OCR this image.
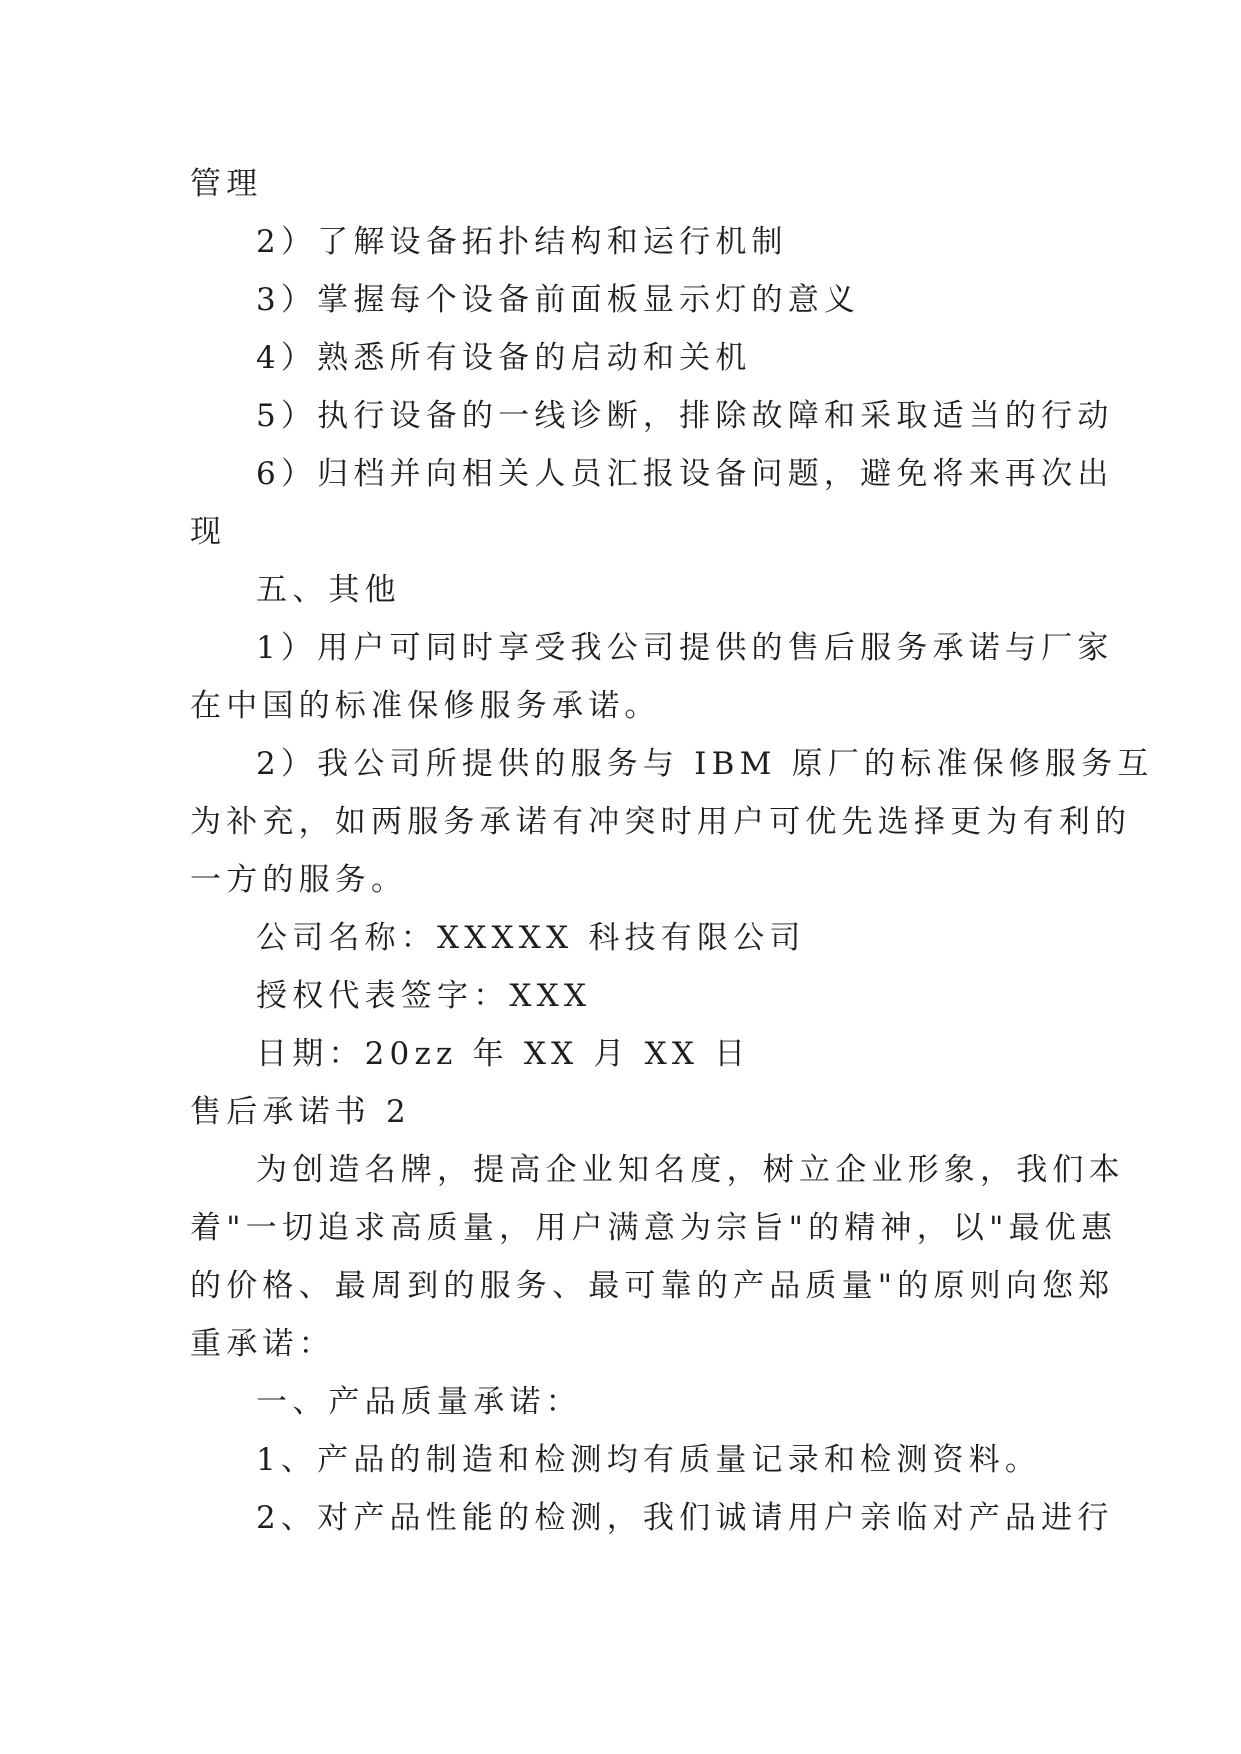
管理
2）了解设备拓扑结构和运行机制
3）掌握每个设备前面板显示灯的意义
4）熟悉所有设备的启动和关机
5）执行设备的一线诊断，排除故障和采取适当的行动
6）归档并向相关人员汇报设备问题，避免将来再次出
现
五、其他
1）用户可同时享受我公司提供的售后服务承诺与厂家
在中国的标准保修服务承诺。
2）我公司所提供的服务与 IBM 原厂的标准保修服务互
为补充，如两服务承诺有冲突时用户可优先选择更为有利的
一方的服务。
公司名称：XXXXX 科技有限公司
授权代表签字：XXX
日期：20zz 年 XX 月 XX 日
售后承诺书 2
为创造名牌，提高企业知名度，树立企业形象，我们本
着"一切追求高质量，用户满意为宗旨"的精神，以"最优惠
的价格、最周到的服务、最可靠的产品质量"的原则向您郑
重承诺：
一、产品质量承诺：
1、产品的制造和检测均有质量记录和检测资料。
2、对产品性能的检测，我们诚请用户亲临对产品进行
